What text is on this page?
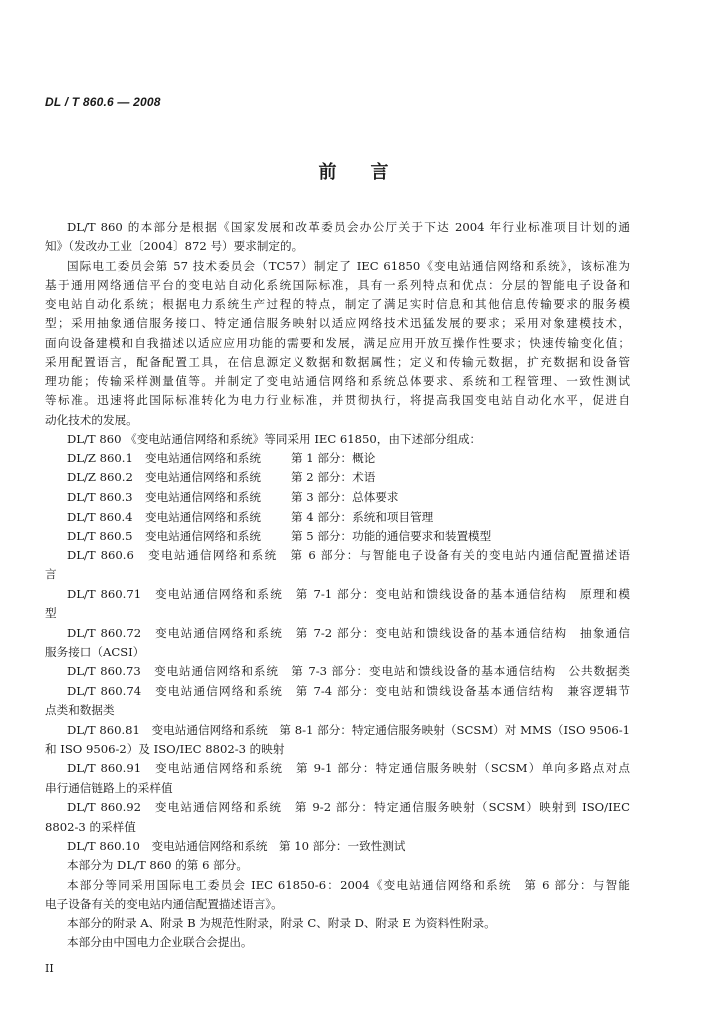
DL / T 860.6 — 2008
前言
DL/T 860 的本部分是根据《国家发展和改革委员会办公厅关于下达 2004 年行业标准项目计划的通
知》（发改办工业〔2004〕872 号）要求制定的。
国际电工委员会第 57 技术委员会（TC57）制定了 IEC 61850《变电站通信网络和系统》，该标准为
基于通用网络通信平台的变电站自动化系统国际标准，具有一系列特点和优点：分层的智能电子设备和
变电站自动化系统；根据电力系统生产过程的特点，制定了满足实时信息和其他信息传输要求的服务模
型；采用抽象通信服务接口、特定通信服务映射以适应网络技术迅猛发展的要求；采用对象建模技术，
面向设备建模和自我描述以适应应用功能的需要和发展，满足应用开放互操作性要求；快速传输变化值；
采用配置语言，配备配置工具，在信息源定义数据和数据属性；定义和传输元数据，扩充数据和设备管
理功能；传输采样测量值等。并制定了变电站通信网络和系统总体要求、系统和工程管理、一致性测试
等标准。迅速将此国际标准转化为电力行业标准，并贯彻执行，将提高我国变电站自动化水平，促进自
动化技术的发展。
DL/T 860 《变电站通信网络和系统》等同采用 IEC 61850，由下述部分组成：
DL/Z 860.1 变电站通信网络和系统	第 1 部分：概论
DL/Z 860.2 变电站通信网络和系统	第 2 部分：术语
DL/T 860.3 变电站通信网络和系统	第 3 部分：总体要求
DL/T 860.4 变电站通信网络和系统	第 4 部分：系统和项目管理
DL/T 860.5 变电站通信网络和系统	第 5 部分：功能的通信要求和装置模型
DL/T 860.6　变电站通信网络和系统　第 6 部分：与智能电子设备有关的变电站内通信配置描述语
言
DL/T 860.71　变电站通信网络和系统　第 7-1 部分：变电站和馈线设备的基本通信结构　原理和模
型
DL/T 860.72　变电站通信网络和系统　第 7-2 部分：变电站和馈线设备的基本通信结构　抽象通信
服务接口（ACSI）
DL/T 860.73　变电站通信网络和系统　第 7-3 部分：变电站和馈线设备的基本通信结构　公共数据类
DL/T 860.74　变电站通信网络和系统　第 7-4 部分：变电站和馈线设备基本通信结构　兼容逻辑节
点类和数据类
DL/T 860.81　变电站通信网络和系统　第 8-1 部分：特定通信服务映射（SCSM）对 MMS（ISO 9506-1
和 ISO 9506-2）及 ISO/IEC 8802-3 的映射
DL/T 860.91　变电站通信网络和系统　第 9-1 部分：特定通信服务映射（SCSM）单向多路点对点
串行通信链路上的采样值
DL/T 860.92　变电站通信网络和系统　第 9-2 部分：特定通信服务映射（SCSM）映射到 ISO/IEC
8802-3 的采样值
DL/T 860.10　变电站通信网络和系统　第 10 部分：一致性测试
本部分为 DL/T 860 的第 6 部分。
本部分等同采用国际电工委员会 IEC 61850-6：2004《变电站通信网络和系统　第 6 部分：与智能
电子设备有关的变电站内通信配置描述语言》。
本部分的附录 A、附录 B 为规范性附录，附录 C、附录 D、附录 E 为资料性附录。
本部分由中国电力企业联合会提出。
II
